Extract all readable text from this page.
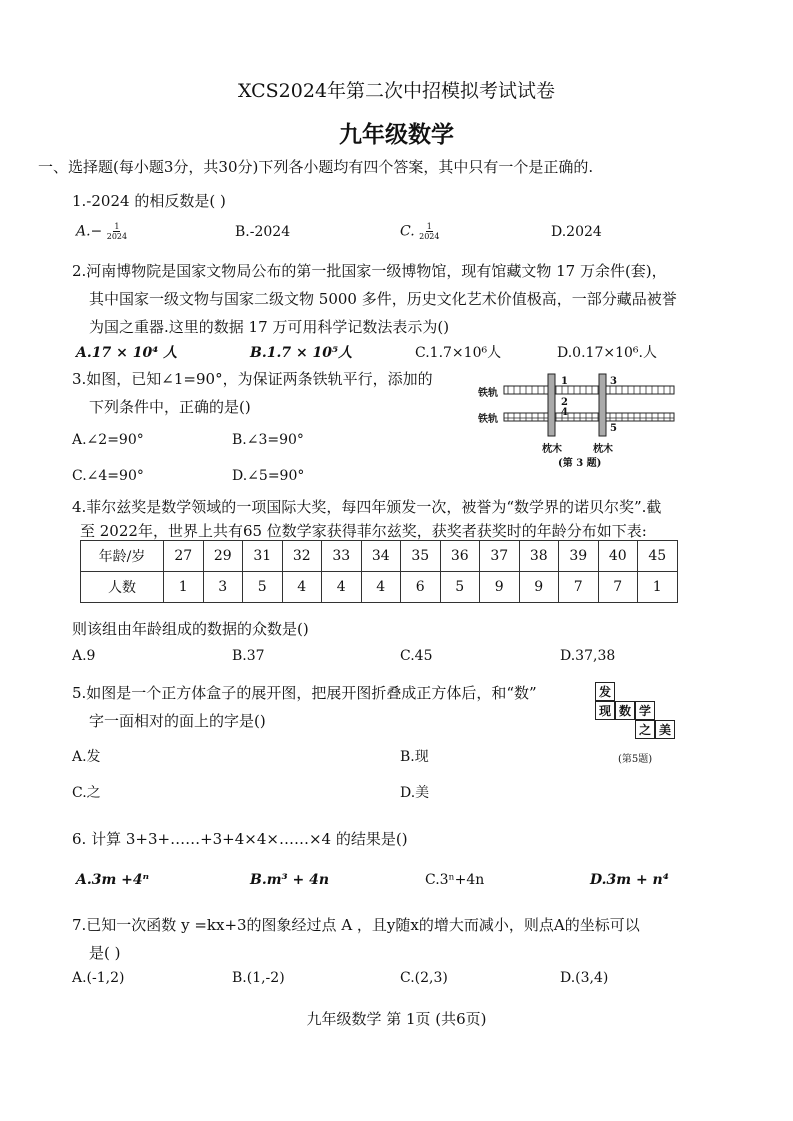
XCS2024年第二次中招模拟考试试卷
九年级数学
一、选择题(每小题3分，共30分)下列各小题均有四个答案，其中只有一个是正确的.
1.-2024 的相反数是( )
$A.- \frac{1}{2024}$	B.-2024	C. $\frac{1}{2024}$	D.2024
2.河南博物院是国家文物局公布的第一批国家一级博物馆，现有馆藏文物 17 万余件(套)，
其中国家一级文物与国家二级文物 5000 多件，历史文化艺术价值极高，一部分藏品被誉
为国之重器.这里的数据 17 万可用科学记数法表示为()
A.17 × 10⁴ 人	B.1.7 × 10⁵人	C.1.7×10⁶人	D.0.17×10⁶.人
3.如图，已知∠1=90°，为保证两条铁轨平行，添加的
下列条件中，正确的是()
A.∠2=90°	B.∠3=90°
C.∠4=90°	D.∠5=90°
铁轨
铁轨
1	3
2
4
5
枕木	枕木
(第 3 题)
4.菲尔兹奖是数学领域的一项国际大奖，每四年颁发一次，被誉为“数学界的诺贝尔奖”.截
至 2022年，世界上共有65 位数学家获得菲尔兹奖，获奖者获奖时的年龄分布如下表:
年龄/岁	27	29	31	32	33	34	35	36	37	38	39	40	45
人数	1	3	5	4	4	4	6	5	9	9	7	7	1
则该组由年龄组成的数据的众数是()
A.9	B.37	C.45	D.37,38
5.如图是一个正方体盒子的展开图，把展开图折叠成正方体后，和“数”
字一面相对的面上的字是()
A.发	B.现
C.之	D.美
发
现 数 学
之 美
(第5题)
6. 计算 3+3+……+3+4×4×……×4 的结果是()
A.3m +4ⁿ	B.m³ + 4n	C.3ⁿ+4n	D.3m + n⁴
7.已知一次函数 y =kx+3的图象经过点 A ，且y随x的增大而减小，则点A的坐标可以
是( )
A.(-1,2)	B.(1,-2)	C.(2,3)	D.(3,4)
九年级数学 第 1页 (共6页)
